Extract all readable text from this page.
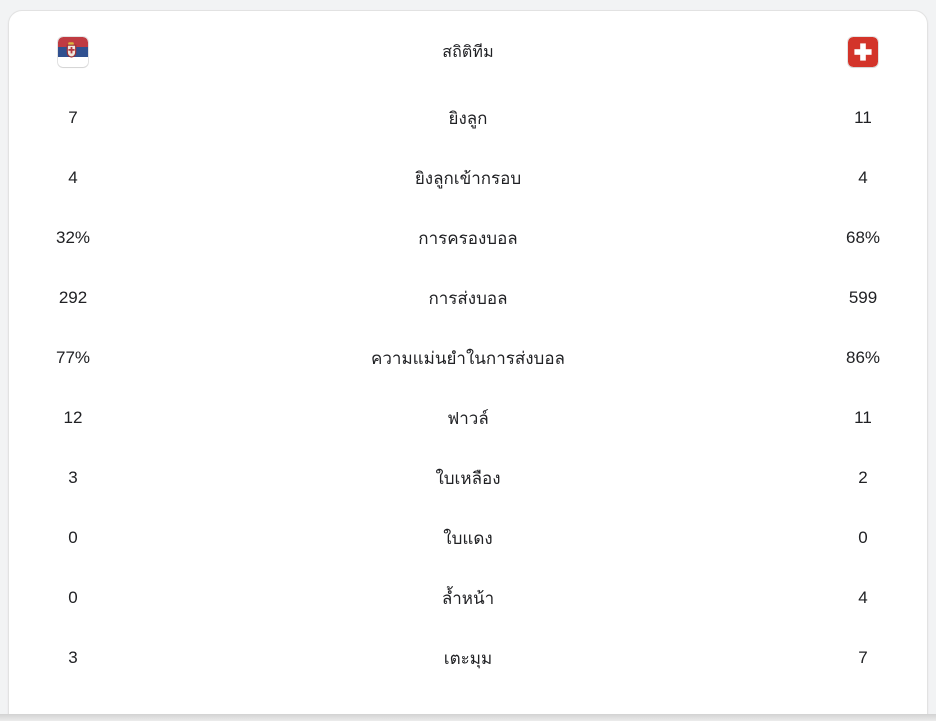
สถิติทีม
7	ยิงลูก	11
4	ยิงลูกเข้ากรอบ	4
32%	การครองบอล	68%
292	การส่งบอล	599
77%	ความแม่นยำในการส่งบอล	86%
12	ฟาวล์	11
3	ใบเหลือง	2
0	ใบแดง	0
0	ล้ำหน้า	4
3	เตะมุม	7
